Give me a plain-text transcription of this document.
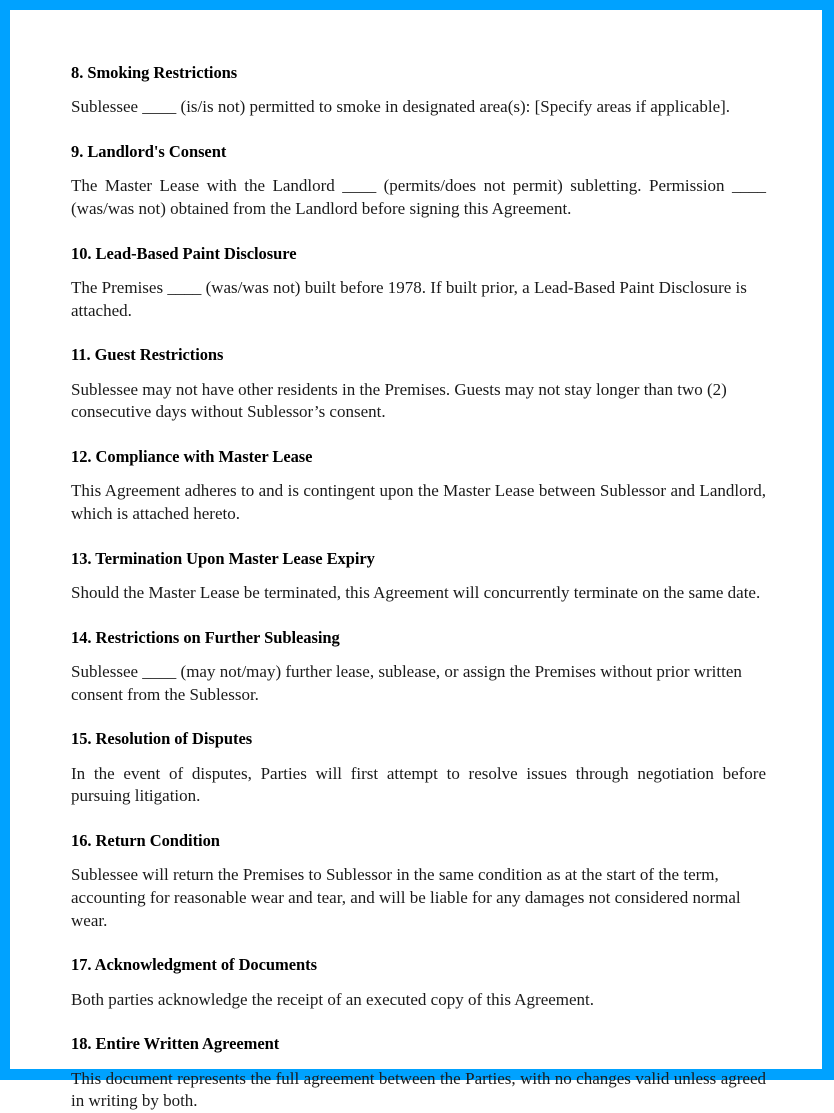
8. Smoking Restrictions

Sublessee ____ (is/is not) permitted to smoke in designated area(s): [Specify areas if applicable].

9. Landlord's Consent

The Master Lease with the Landlord ____ (permits/does not permit) subletting. Permission ____ (was/was not) obtained from the Landlord before signing this Agreement.

10. Lead-Based Paint Disclosure

The Premises ____ (was/was not) built before 1978. If built prior, a Lead-Based Paint Disclosure is attached.

11. Guest Restrictions

Sublessee may not have other residents in the Premises. Guests may not stay longer than two (2) consecutive days without Sublessor’s consent.

12. Compliance with Master Lease

This Agreement adheres to and is contingent upon the Master Lease between Sublessor and Landlord, which is attached hereto.

13. Termination Upon Master Lease Expiry

Should the Master Lease be terminated, this Agreement will concurrently terminate on the same date.

14. Restrictions on Further Subleasing

Sublessee ____ (may not/may) further lease, sublease, or assign the Premises without prior written consent from the Sublessor.

15. Resolution of Disputes

In the event of disputes, Parties will first attempt to resolve issues through negotiation before pursuing litigation.

16. Return Condition

Sublessee will return the Premises to Sublessor in the same condition as at the start of the term, accounting for reasonable wear and tear, and will be liable for any damages not considered normal wear.

17. Acknowledgment of Documents

Both parties acknowledge the receipt of an executed copy of this Agreement.

18. Entire Written Agreement

This document represents the full agreement between the Parties, with no changes valid unless agreed in writing by both.
